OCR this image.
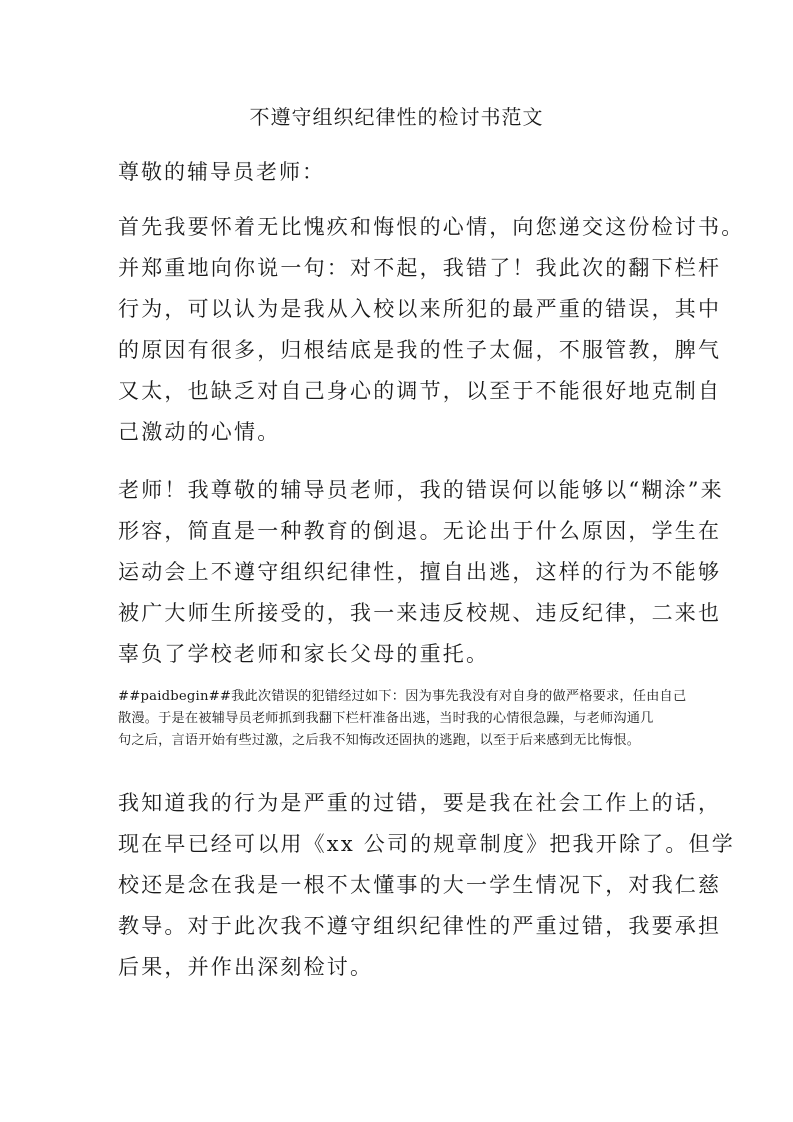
不遵守组织纪律性的检讨书范文
尊敬的辅导员老师：
首先我要怀着无比愧疚和悔恨的心情，向您递交这份检讨书。
并郑重地向你说一句：对不起，我错了！我此次的翻下栏杆
行为，可以认为是我从入校以来所犯的最严重的错误，其中
的原因有很多，归根结底是我的性子太倔，不服管教，脾气
又太，也缺乏对自己身心的调节，以至于不能很好地克制自
己激动的心情。
老师！我尊敬的辅导员老师，我的错误何以能够以“糊涂”来
形容，简直是一种教育的倒退。无论出于什么原因，学生在
运动会上不遵守组织纪律性，擅自出逃，这样的行为不能够
被广大师生所接受的，我一来违反校规、违反纪律，二来也
辜负了学校老师和家长父母的重托。
##paidbegin##我此次错误的犯错经过如下：因为事先我没有对自身的做严格要求，任由自己
散漫。于是在被辅导员老师抓到我翻下栏杆准备出逃，当时我的心情很急躁，与老师沟通几
句之后，言语开始有些过激，之后我不知悔改还固执的逃跑，以至于后来感到无比悔恨。
我知道我的行为是严重的过错，要是我在社会工作上的话，
现在早已经可以用《xx 公司的规章制度》把我开除了。但学
校还是念在我是一根不太懂事的大一学生情况下，对我仁慈
教导。对于此次我不遵守组织纪律性的严重过错，我要承担
后果，并作出深刻检讨。
